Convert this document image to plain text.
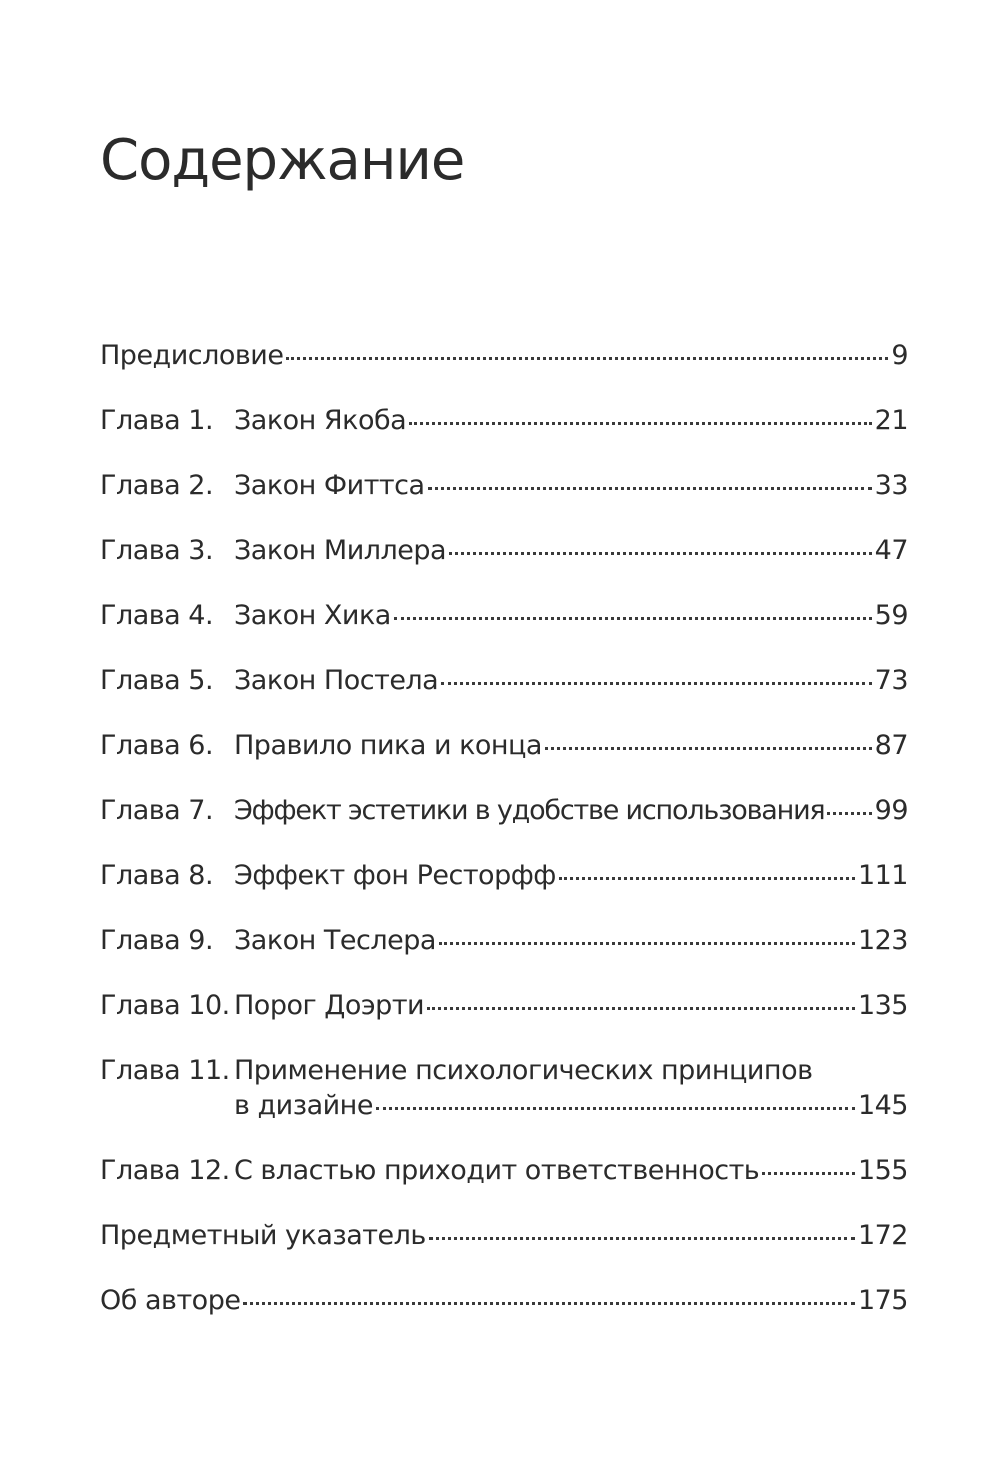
Содержание
Предисловие	9
Глава 1. Закон Якоба	21
Глава 2. Закон Фиттса	33
Глава 3. Закон Миллера	47
Глава 4. Закон Хика	59
Глава 5. Закон Постела	73
Глава 6. Правило пика и конца	87
Глава 7. Эффект эстетики в удобстве использования 99
Глава 8. Эффект фон Ресторфф	111
Глава 9. Закон Теслера	123
Глава 10. Порог Доэрти	135
Глава 11. Применение психологических принципов
в дизайне	145
Глава 12. С властью приходит ответственность	155
Предметный указатель	172
Об авторе	175
